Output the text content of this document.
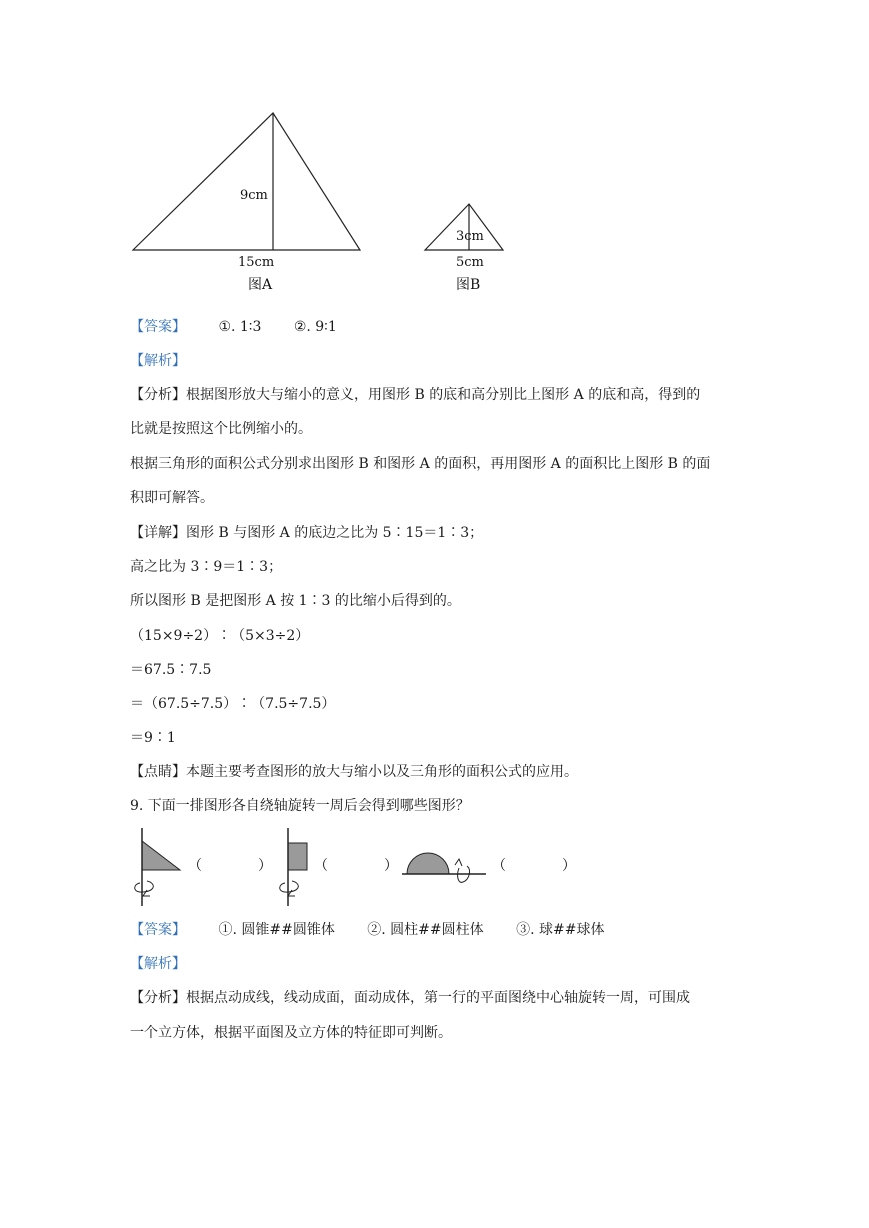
9cm
15cm
图A
3cm
5cm
图B
【答案】 ①. 1∶3 ②. 9∶1
【解析】
【分析】根据图形放大与缩小的意义，用图形 B 的底和高分别比上图形 A 的底和高，得到的
比就是按照这个比例缩小的。
根据三角形的面积公式分别求出图形 B 和图形 A 的面积，再用图形 A 的面积比上图形 B 的面
积即可解答。
【详解】图形 B 与图形 A 的底边之比为 5∶15＝1∶3；
高之比为 3∶9＝1∶3；
所以图形 B 是把图形 A 按 1∶3 的比缩小后得到的。
（15×9÷2）∶（5×3÷2）
＝67.5∶7.5
＝（67.5÷7.5）∶（7.5÷7.5）
＝9∶1
【点睛】本题主要考查图形的放大与缩小以及三角形的面积公式的应用。
9. 下面一排图形各自绕轴旋转一周后会得到哪些图形？
（	）	（	）	（	）
【答案】 ①. 圆锥##圆锥体 ②. 圆柱##圆柱体 ③. 球##球体
【解析】
【分析】根据点动成线，线动成面，面动成体，第一行的平面图绕中心轴旋转一周，可围成
一个立方体，根据平面图及立方体的特征即可判断。
